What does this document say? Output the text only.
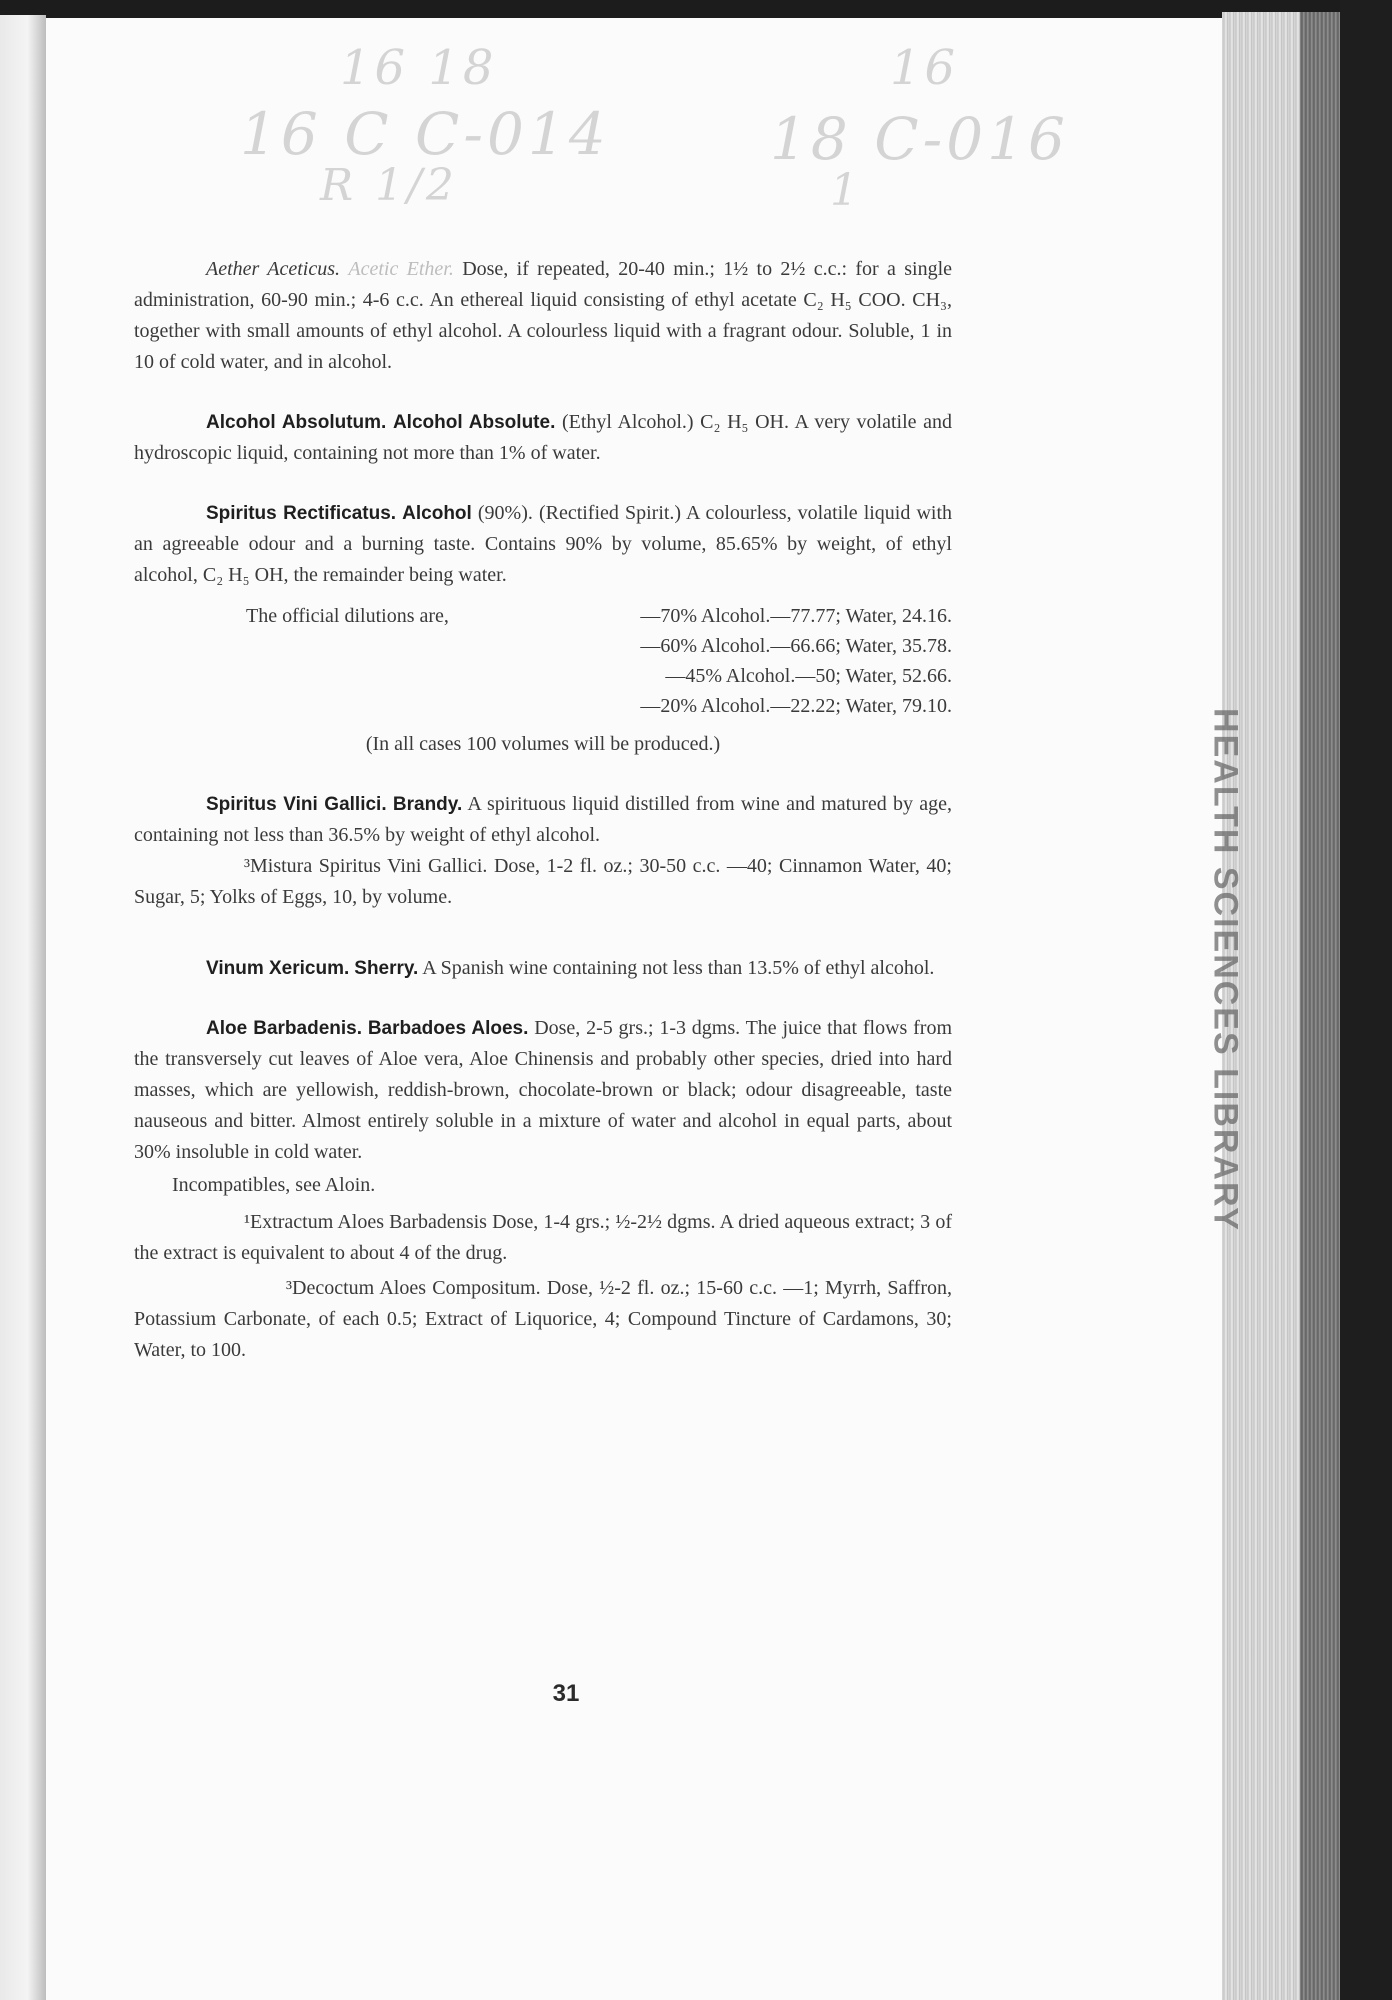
16 18
16 C C-014
R 1/2
16
18 C-016
1
HEALTH SCIENCES LIBRARY

Aether Aceticus. Acetic Ether. Dose, if repeated, 20-40 min.; 1½ to 2½ c.c.: for a single administration, 60-90 min.; 4-6 c.c. An ethereal liquid consisting of ethyl acetate C₂ H₅ COO. CH₃, together with small amounts of ethyl alcohol. A colourless liquid with a fragrant odour. Soluble, 1 in 10 of cold water, and in alcohol.

Alcohol Absolutum. Alcohol Absolute. (Ethyl Alcohol.) C₂ H₅ OH. A very volatile and hydroscopic liquid, containing not more than 1% of water.

Spiritus Rectificatus. Alcohol (90%). (Rectified Spirit.) A colourless, volatile liquid with an agreeable odour and a burning taste. Contains 90% by volume, 85.65% by weight, of ethyl alcohol, C₂ H₅ OH, the remainder being water.

The official dilutions are,	—70% Alcohol.—77.77; Water, 24.16.
—60% Alcohol.—66.66; Water, 35.78.
—45% Alcohol.—50; Water, 52.66.
—20% Alcohol.—22.22; Water, 79.10.

(In all cases 100 volumes will be produced.)

Spiritus Vini Gallici. Brandy. A spirituous liquid distilled from wine and matured by age, containing not less than 36.5% by weight of ethyl alcohol.

³Mistura Spiritus Vini Gallici. Dose, 1-2 fl. oz.; 30-50 c.c. —40; Cinnamon Water, 40; Sugar, 5; Yolks of Eggs, 10, by volume.

Vinum Xericum. Sherry. A Spanish wine containing not less than 13.5% of ethyl alcohol.

Aloe Barbadenis. Barbadoes Aloes. Dose, 2-5 grs.; 1-3 dgms. The juice that flows from the transversely cut leaves of Aloe vera, Aloe Chinensis and probably other species, dried into hard masses, which are yellowish, reddish-brown, chocolate-brown or black; odour disagreeable, taste nauseous and bitter. Almost entirely soluble in a mixture of water and alcohol in equal parts, about 30% insoluble in cold water.

Incompatibles, see Aloin.

¹Extractum Aloes Barbadensis Dose, 1-4 grs.; ½-2½ dgms. A dried aqueous extract; 3 of the extract is equivalent to about 4 of the drug.

³Decoctum Aloes Compositum. Dose, ½-2 fl. oz.; 15-60 c.c. —1; Myrrh, Saffron, Potassium Carbonate, of each 0.5; Extract of Liquorice, 4; Compound Tincture of Cardamons, 30; Water, to 100.

31
